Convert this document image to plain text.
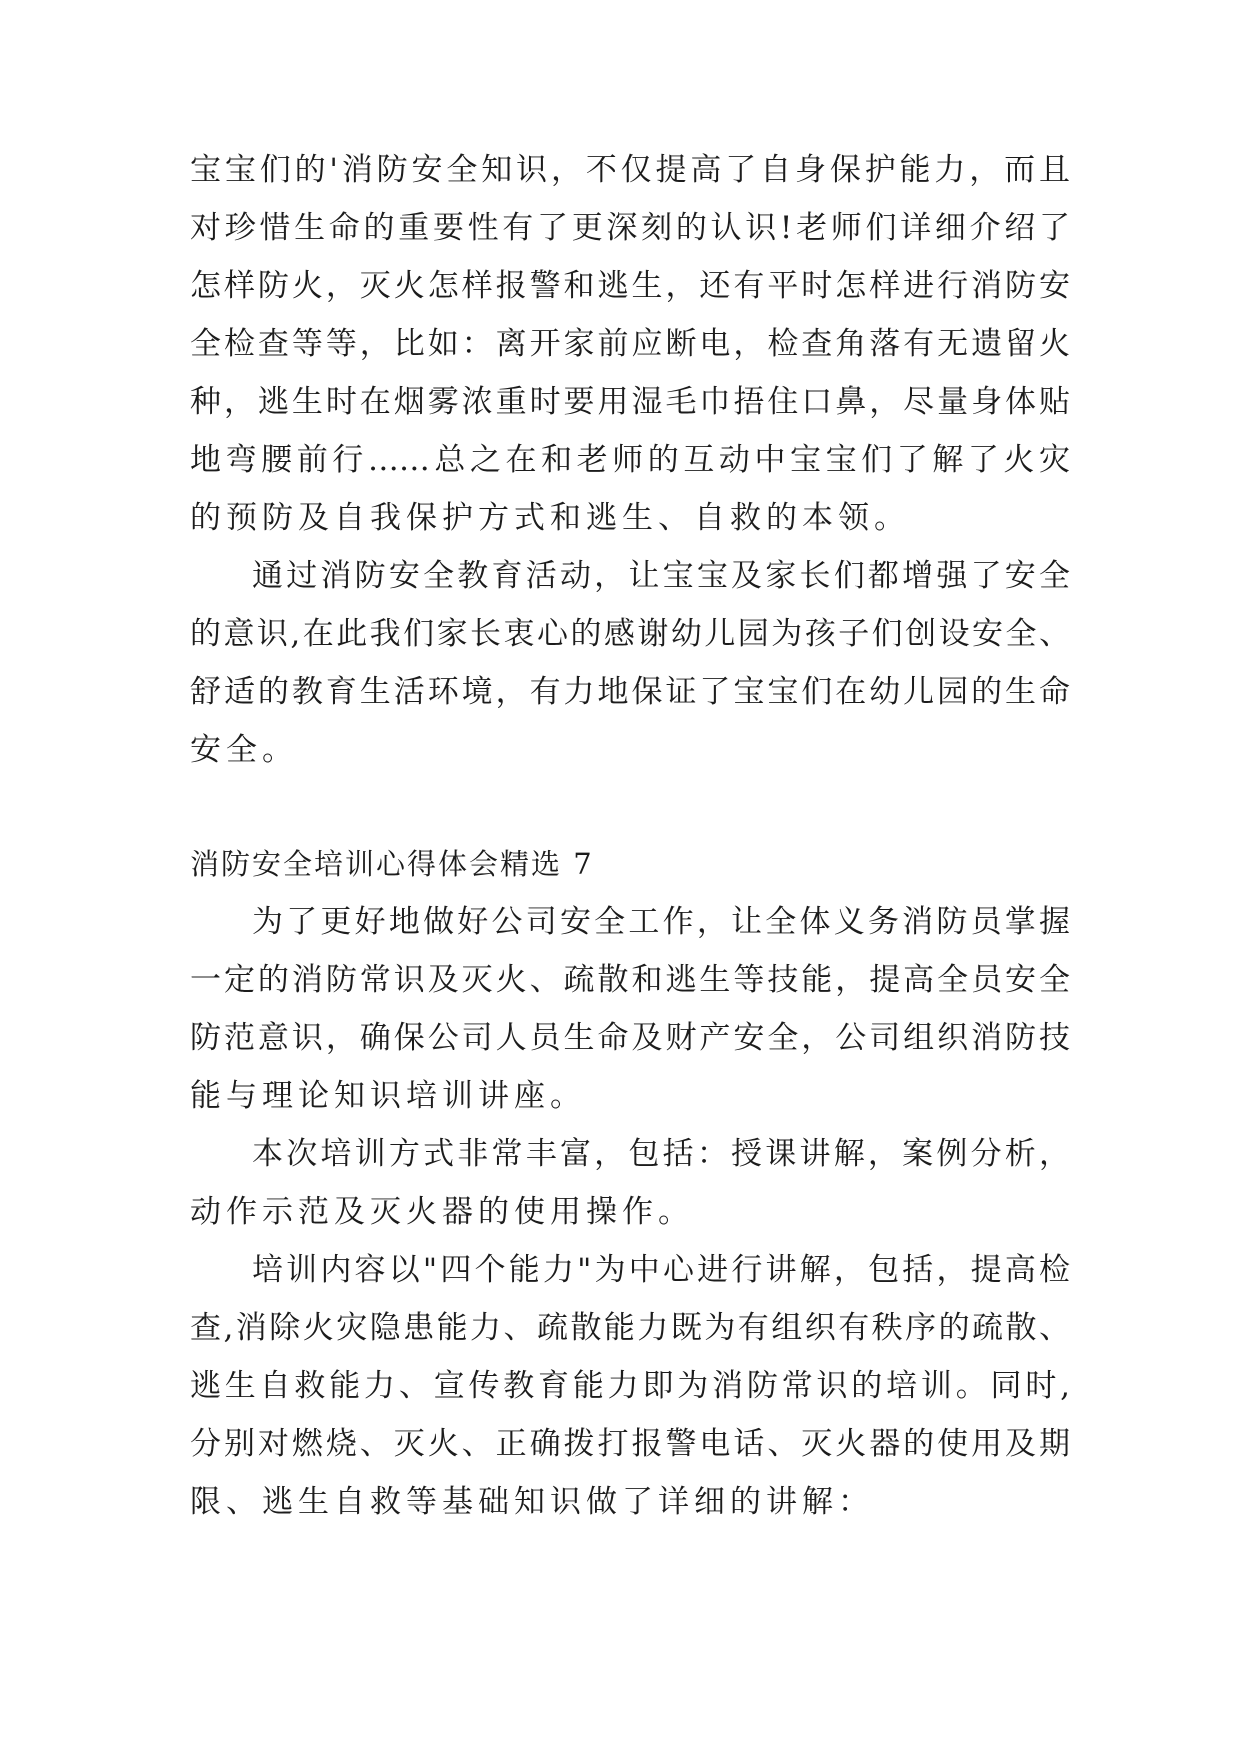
宝宝们的'消防安全知识，不仅提高了自身保护能力，而且
对珍惜生命的重要性有了更深刻的认识!老师们详细介绍了
怎样防火，灭火怎样报警和逃生，还有平时怎样进行消防安
全检查等等，比如：离开家前应断电，检查角落有无遗留火
种，逃生时在烟雾浓重时要用湿毛巾捂住口鼻，尽量身体贴
地弯腰前行……总之在和老师的互动中宝宝们了解了火灾
的预防及自我保护方式和逃生、自救的本领。
通过消防安全教育活动，让宝宝及家长们都增强了安全
的意识,在此我们家长衷心的感谢幼儿园为孩子们创设安全、
舒适的教育生活环境，有力地保证了宝宝们在幼儿园的生命
安全。
消防安全培训心得体会精选 7
为了更好地做好公司安全工作，让全体义务消防员掌握
一定的消防常识及灭火、疏散和逃生等技能，提高全员安全
防范意识，确保公司人员生命及财产安全，公司组织消防技
能与理论知识培训讲座。
本次培训方式非常丰富，包括：授课讲解，案例分析，
动作示范及灭火器的使用操作。
培训内容以"四个能力"为中心进行讲解，包括，提高检
查,消除火灾隐患能力、疏散能力既为有组织有秩序的疏散、
逃生自救能力、宣传教育能力即为消防常识的培训。同时,
分别对燃烧、灭火、正确拨打报警电话、灭火器的使用及期
限、逃生自救等基础知识做了详细的讲解：
